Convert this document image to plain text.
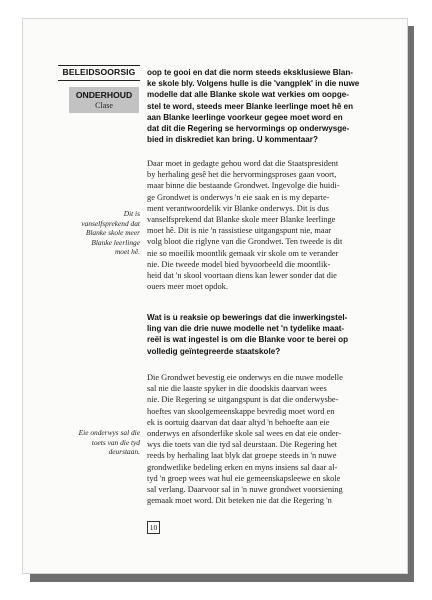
BELEIDSOORSIG
ONDERHOUD
Clase
Dit is
vanselfsprekend dat
Blanke skole meer
Blanke leerlinge
moet hê.
Eie onderwys sal die
toets van die tyd
deurstaan.
oop te gooi en dat die norm steeds eksklusiewe Blan-
ke skole bly. Volgens hulle is die 'vangplek' in die nuwe
modelle dat alle Blanke skole wat verkies om oopge-
stel te word, steeds meer Blanke leerlinge moet hê en
aan Blanke leerlinge voorkeur gegee moet word en
dat dit die Regering se hervormings op onderwysge-
bied in diskrediet kan bring. U kommentaar?
Daar moet in gedagte gehou word dat die Staatspresident
by herhaling gesê het die hervormingsproses gaan voort,
maar binne die bestaande Grondwet. Ingevolge die huidi-
ge Grondwet is onderwys 'n eie saak en is my departe-
ment verantwoordelik vir Blanke onderwys. Dit is dus
vanselfsprekend dat Blanke skole meer Blanke leerlinge
moet hê. Dit is nie 'n rassistiese uitgangspunt nie, maar
volg bloot die riglyne van die Grondwet. Ten tweede is dit
nie so moeilik moontlik gemaak vir skole om te verander
nie. Die tweede model bied byvoorbeeld die moontlik-
heid dat 'n skool voortaan diens kan lewer sonder dat die
ouers meer moet opdok.
Wat is u reaksie op bewerings dat die inwerkingstel-
ling van die drie nuwe modelle net 'n tydelike maat-
reël is wat ingestel is om die Blanke voor te berei op
volledig geïntegreerde staatskole?
Die Grondwet bevestig eie onderwys en die nuwe modelle
sal nie die laaste spyker in die doodskis daarvan wees
nie. Die Regering se uitgangspunt is dat die onderwysbe-
hoeftes van skoolgemeenskappe bevredig moet word en
ek is oortuig daarvan dat daar altyd 'n behoefte aan eie
onderwys en afsonderlike skole sal wees en dat eie onder-
wys die toets van die tyd sal deurstaan. Die Regering het
reeds by herhaling laat blyk dat groepe steeds in 'n nuwe
grondwetlike bedeling erken en myns insiens sal daar al-
tyd 'n groep wees wat hul eie gemeenskapsleewe en skole
sal verlang. Daarvoor sal in 'n nuwe grondwet voorsiening
gemaak moet word. Dit beteken nie dat die Regering 'n
10
